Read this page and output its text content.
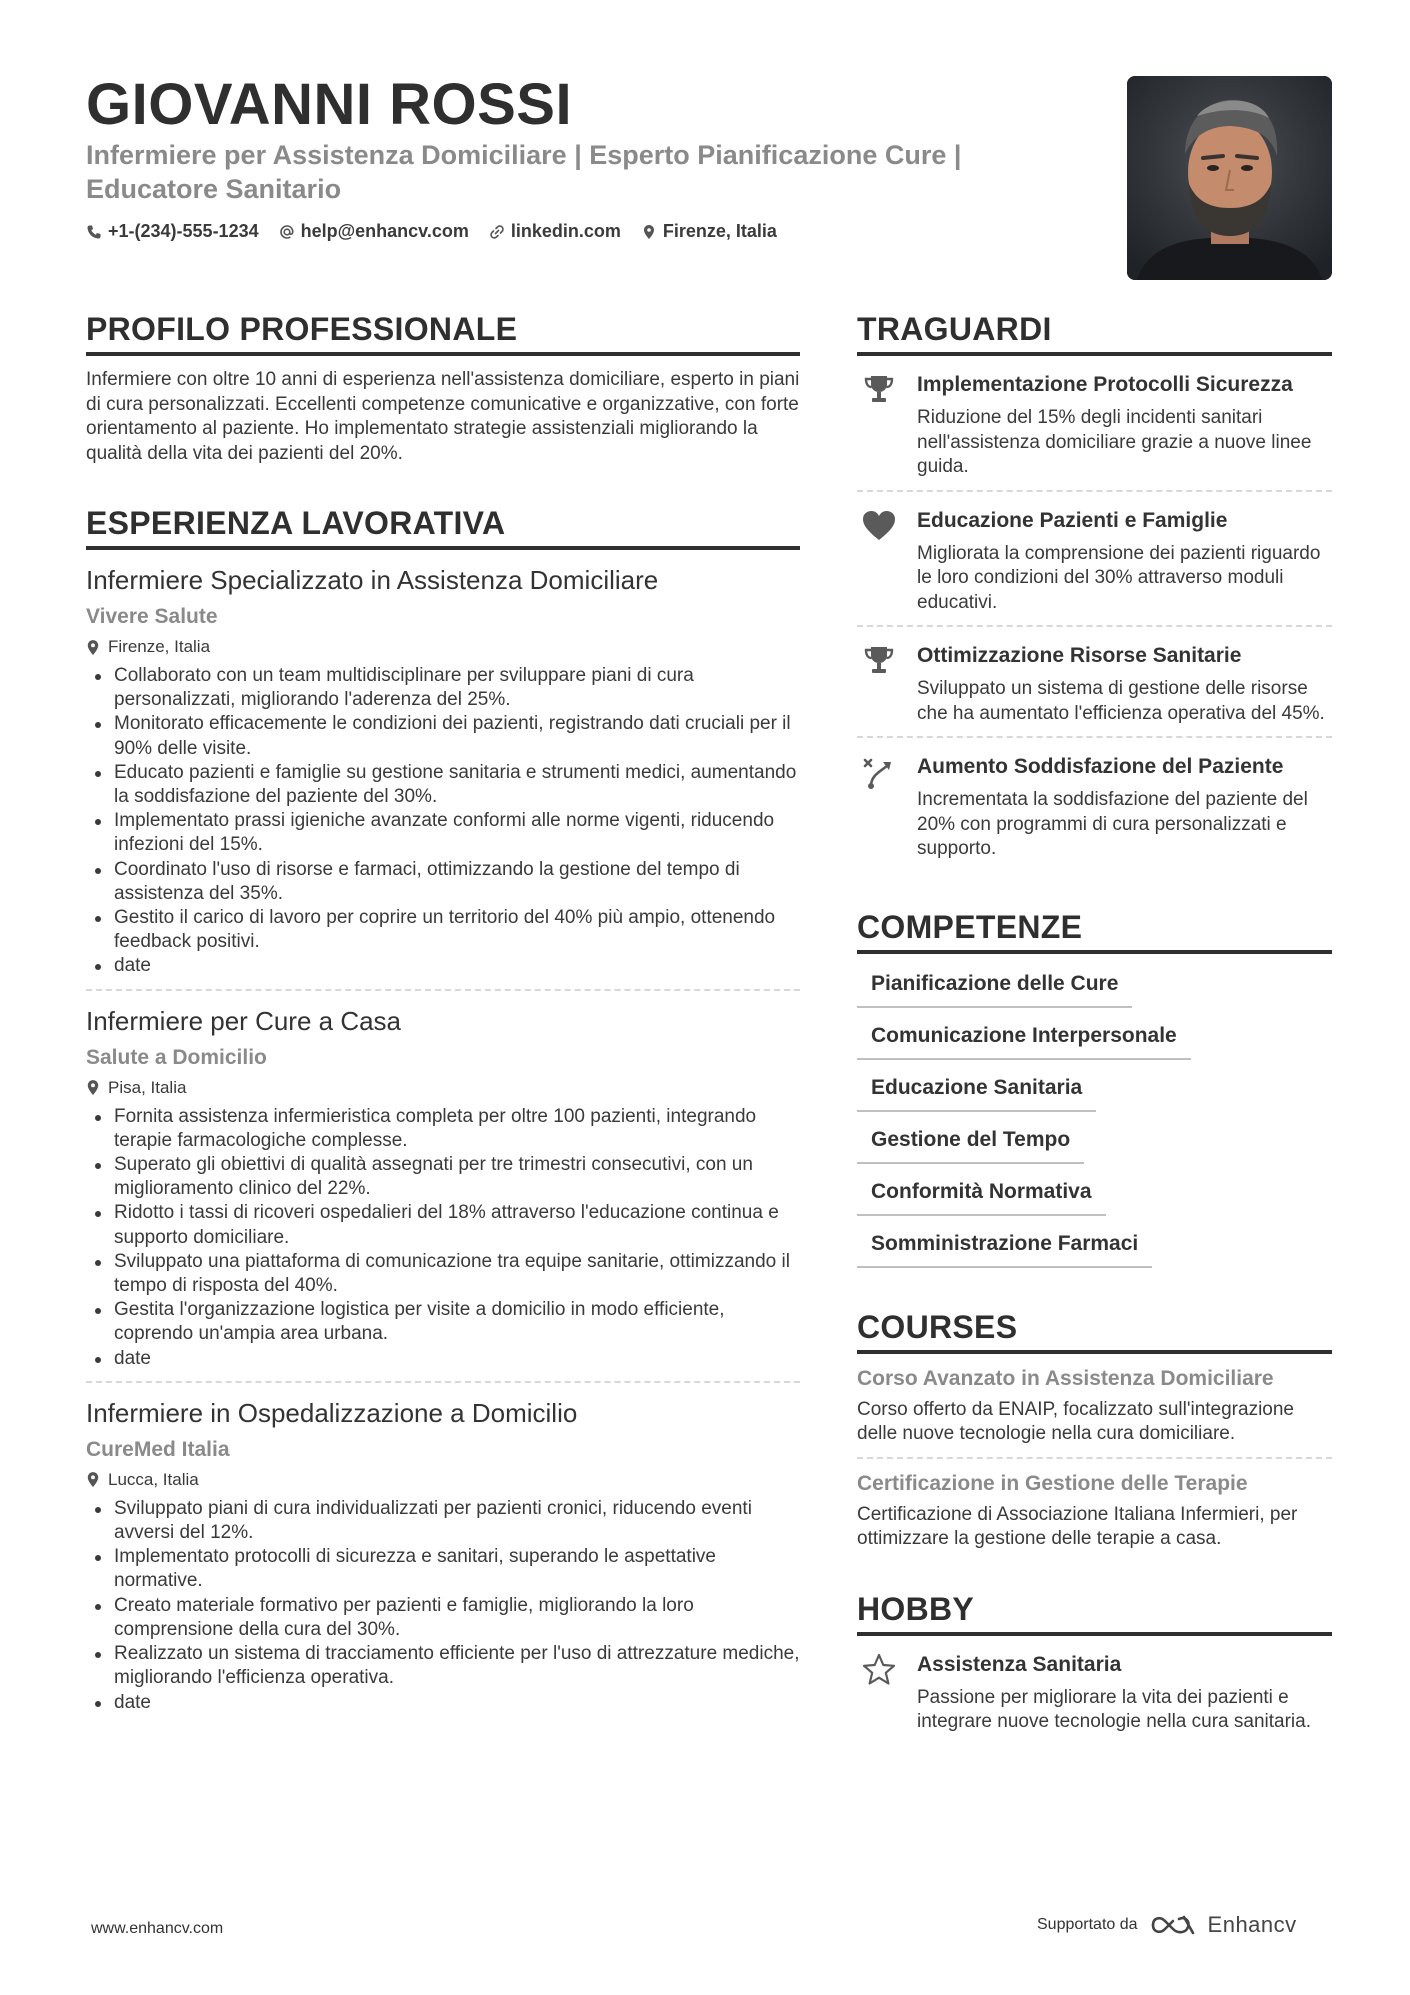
GIOVANNI ROSSI
Infermiere per Assistenza Domiciliare | Esperto Pianificazione Cure | Educatore Sanitario
+1-(234)-555-1234 help@enhancv.com linkedin.com Firenze, Italia
PROFILO PROFESSIONALE

Infermiere con oltre 10 anni di esperienza nell'assistenza domiciliare, esperto in piani di cura personalizzati. Eccellenti competenze comunicative e organizzative, con forte orientamento al paziente. Ho implementato strategie assistenziali migliorando la qualità della vita dei pazienti del 20%.

ESPERIENZA LAVORATIVA
Infermiere Specializzato in Assistenza Domiciliare
Vivere Salute
Firenze, Italia
Collaborato con un team multidisciplinare per sviluppare piani di cura personalizzati, migliorando l'aderenza del 25%.
Monitorato efficacemente le condizioni dei pazienti, registrando dati cruciali per il 90% delle visite.
Educato pazienti e famiglie su gestione sanitaria e strumenti medici, aumentando la soddisfazione del paziente del 30%.
Implementato prassi igieniche avanzate conformi alle norme vigenti, riducendo infezioni del 15%.
Coordinato l'uso di risorse e farmaci, ottimizzando la gestione del tempo di assistenza del 35%.
Gestito il carico di lavoro per coprire un territorio del 40% più ampio, ottenendo feedback positivi.
date
Infermiere per Cure a Casa
Salute a Domicilio
Pisa, Italia
Fornita assistenza infermieristica completa per oltre 100 pazienti, integrando terapie farmacologiche complesse.
Superato gli obiettivi di qualità assegnati per tre trimestri consecutivi, con un miglioramento clinico del 22%.
Ridotto i tassi di ricoveri ospedalieri del 18% attraverso l'educazione continua e supporto domiciliare.
Sviluppato una piattaforma di comunicazione tra equipe sanitarie, ottimizzando il tempo di risposta del 40%.
Gestita l'organizzazione logistica per visite a domicilio in modo efficiente, coprendo un'ampia area urbana.
date
Infermiere in Ospedalizzazione a Domicilio
CureMed Italia
Lucca, Italia
Sviluppato piani di cura individualizzati per pazienti cronici, riducendo eventi avversi del 12%.
Implementato protocolli di sicurezza e sanitari, superando le aspettative normative.
Creato materiale formativo per pazienti e famiglie, migliorando la loro comprensione della cura del 30%.
Realizzato un sistema di tracciamento efficiente per l'uso di attrezzature mediche, migliorando l'efficienza operativa.
date
TRAGUARDI
Implementazione Protocolli Sicurezza
Riduzione del 15% degli incidenti sanitari nell'assistenza domiciliare grazie a nuove linee guida.
Educazione Pazienti e Famiglie
Migliorata la comprensione dei pazienti riguardo le loro condizioni del 30% attraverso moduli educativi.
Ottimizzazione Risorse Sanitarie
Sviluppato un sistema di gestione delle risorse che ha aumentato l'efficienza operativa del 45%.
Aumento Soddisfazione del Paziente
Incrementata la soddisfazione del paziente del 20% con programmi di cura personalizzati e supporto.
COMPETENZE
Pianificazione delle Cure
Comunicazione Interpersonale
Educazione Sanitaria
Gestione del Tempo
Conformità Normativa
Somministrazione Farmaci
COURSES
Corso Avanzato in Assistenza Domiciliare
Corso offerto da ENAIP, focalizzato sull'integrazione delle nuove tecnologie nella cura domiciliare.
Certificazione in Gestione delle Terapie
Certificazione di Associazione Italiana Infermieri, per ottimizzare la gestione delle terapie a casa.
HOBBY
Assistenza Sanitaria
Passione per migliorare la vita dei pazienti e integrare nuove tecnologie nella cura sanitaria.
www.enhancv.com	Supportato da	Enhancv
